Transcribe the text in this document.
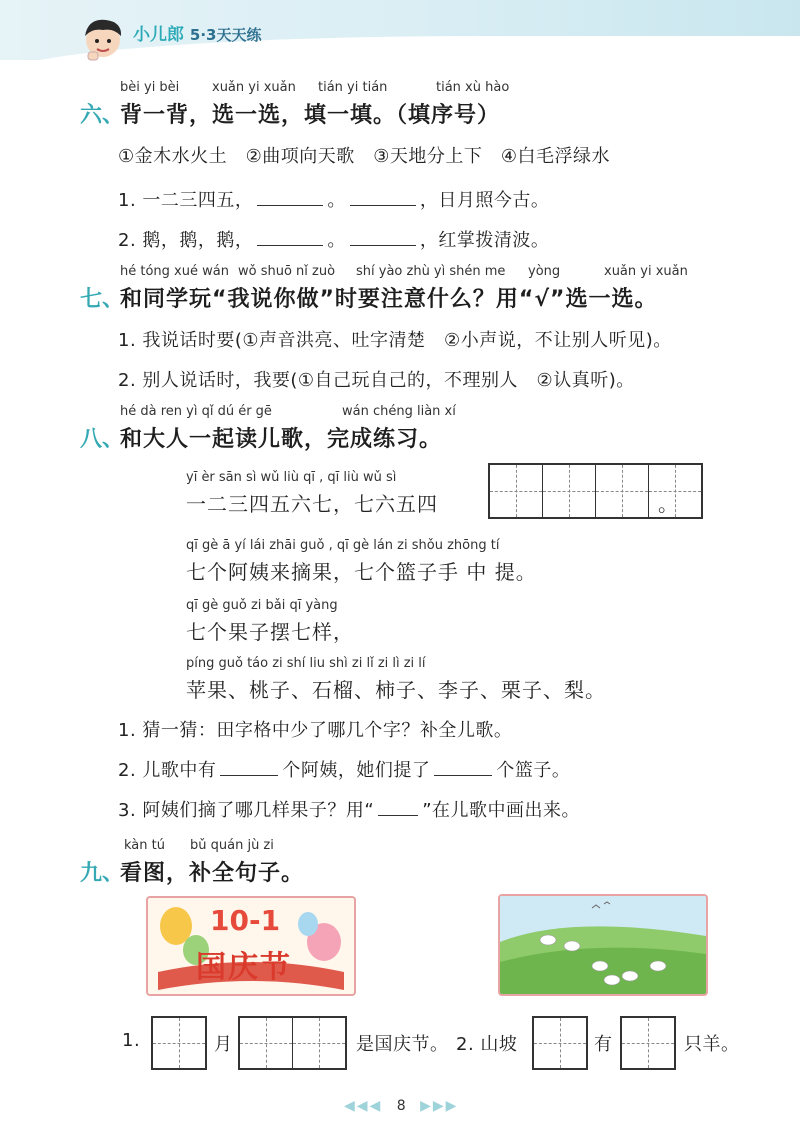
小儿郎 5·3天天练
bèi yi bèi	xuǎn yi xuǎn tián yi tián	tián xù hào
六、
背一背，选一选，填一填。（填序号）
①金木水火土　②曲项向天歌　③天地分上下　④白毛浮绿水
1. 一二三四五，	。	，日月照今古。
2. 鹅，鹅，鹅，	。	，红掌拨清波。
hé tóng xué wán wǒ shuō nǐ zuò shí yào zhù yì shén me yòng	xuǎn yi xuǎn
七、
和同学玩“我说你做”时要注意什么？用“√”选一选。
1. 我说话时要(①声音洪亮、吐字清楚　②小声说，不让别人听见)。
2. 别人说话时，我要(①自己玩自己的，不理别人　②认真听)。
hé dà ren yì qǐ dú ér gē	wán chéng liàn xí
八、
和大人一起读儿歌，完成练习。
yī èr sān sì wǔ liù qī , qī liù wǔ sì
一二三四五六七，七六五四	。
qī gè ā yí lái zhāi guǒ , qī gè lán zi shǒu zhōng tí
七个阿姨来摘果，七个篮子手 中 提。
qī gè guǒ zi bǎi qī yàng
七个果子摆七样，
píng guǒ táo zi shí liu shì zi lǐ zi lì zi lí
苹果、桃子、石榴、柿子、李子、栗子、梨。
1. 猜一猜：田字格中少了哪几个字？补全儿歌。
2. 儿歌中有	个阿姨，她们提了	个篮子。
3. 阿姨们摘了哪几样果子？用“	”在儿歌中画出来。
kàn tú bǔ quán jù zi
九、
看图，补全句子。
10-1
国庆节
1.	月	是国庆节。 2. 山坡	有	只羊。
◀◀◀ 8 ▶▶▶
